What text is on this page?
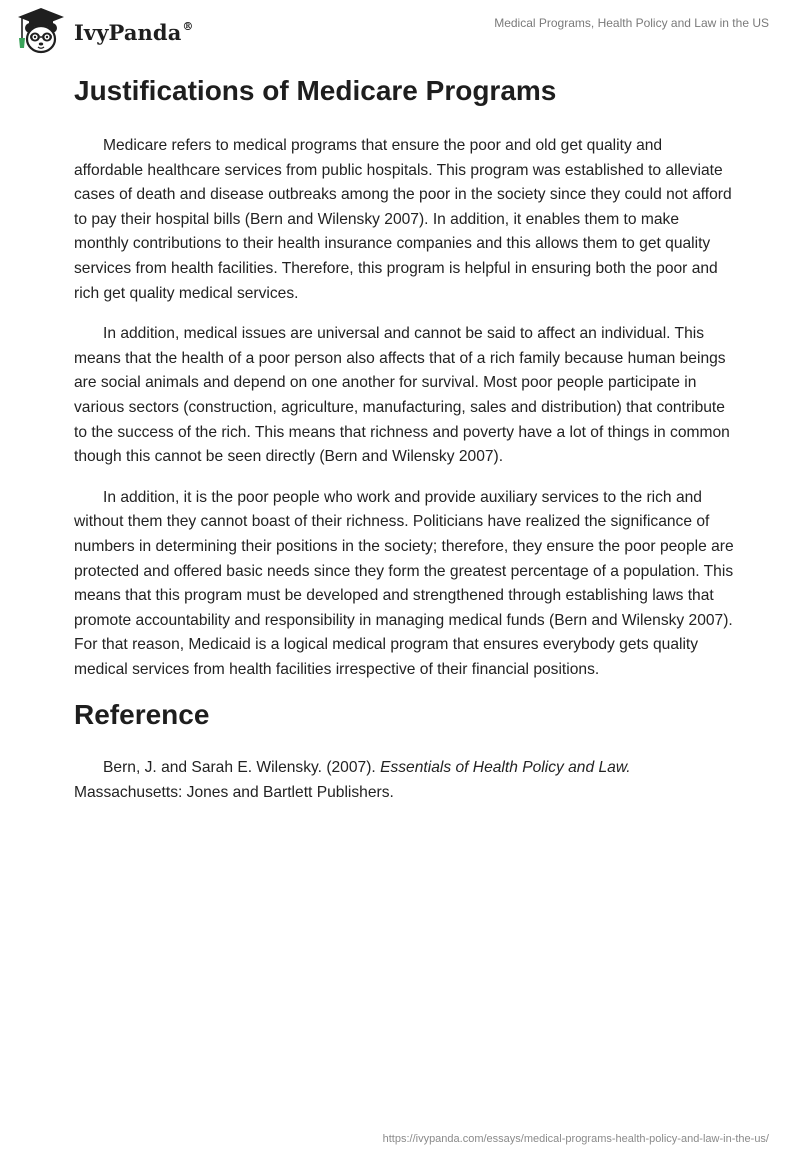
IvyPanda®	Medical Programs, Health Policy and Law in the US
Justifications of Medicare Programs

Medicare refers to medical programs that ensure the poor and old get quality and affordable healthcare services from public hospitals. This program was established to alleviate cases of death and disease outbreaks among the poor in the society since they could not afford to pay their hospital bills (Bern and Wilensky 2007). In addition, it enables them to make monthly contributions to their health insurance companies and this allows them to get quality services from health facilities. Therefore, this program is helpful in ensuring both the poor and rich get quality medical services.

In addition, medical issues are universal and cannot be said to affect an individual. This means that the health of a poor person also affects that of a rich family because human beings are social animals and depend on one another for survival. Most poor people participate in various sectors (construction, agriculture, manufacturing, sales and distribution) that contribute to the success of the rich. This means that richness and poverty have a lot of things in common though this cannot be seen directly (Bern and Wilensky 2007).

In addition, it is the poor people who work and provide auxiliary services to the rich and without them they cannot boast of their richness. Politicians have realized the significance of numbers in determining their positions in the society; therefore, they ensure the poor people are protected and offered basic needs since they form the greatest percentage of a population. This means that this program must be developed and strengthened through establishing laws that promote accountability and responsibility in managing medical funds (Bern and Wilensky 2007). For that reason, Medicaid is a logical medical program that ensures everybody gets quality medical services from health facilities irrespective of their financial positions.

Reference

Bern, J. and Sarah E. Wilensky. (2007). Essentials of Health Policy and Law. Massachusetts: Jones and Bartlett Publishers.

https://ivypanda.com/essays/medical-programs-health-policy-and-law-in-the-us/
